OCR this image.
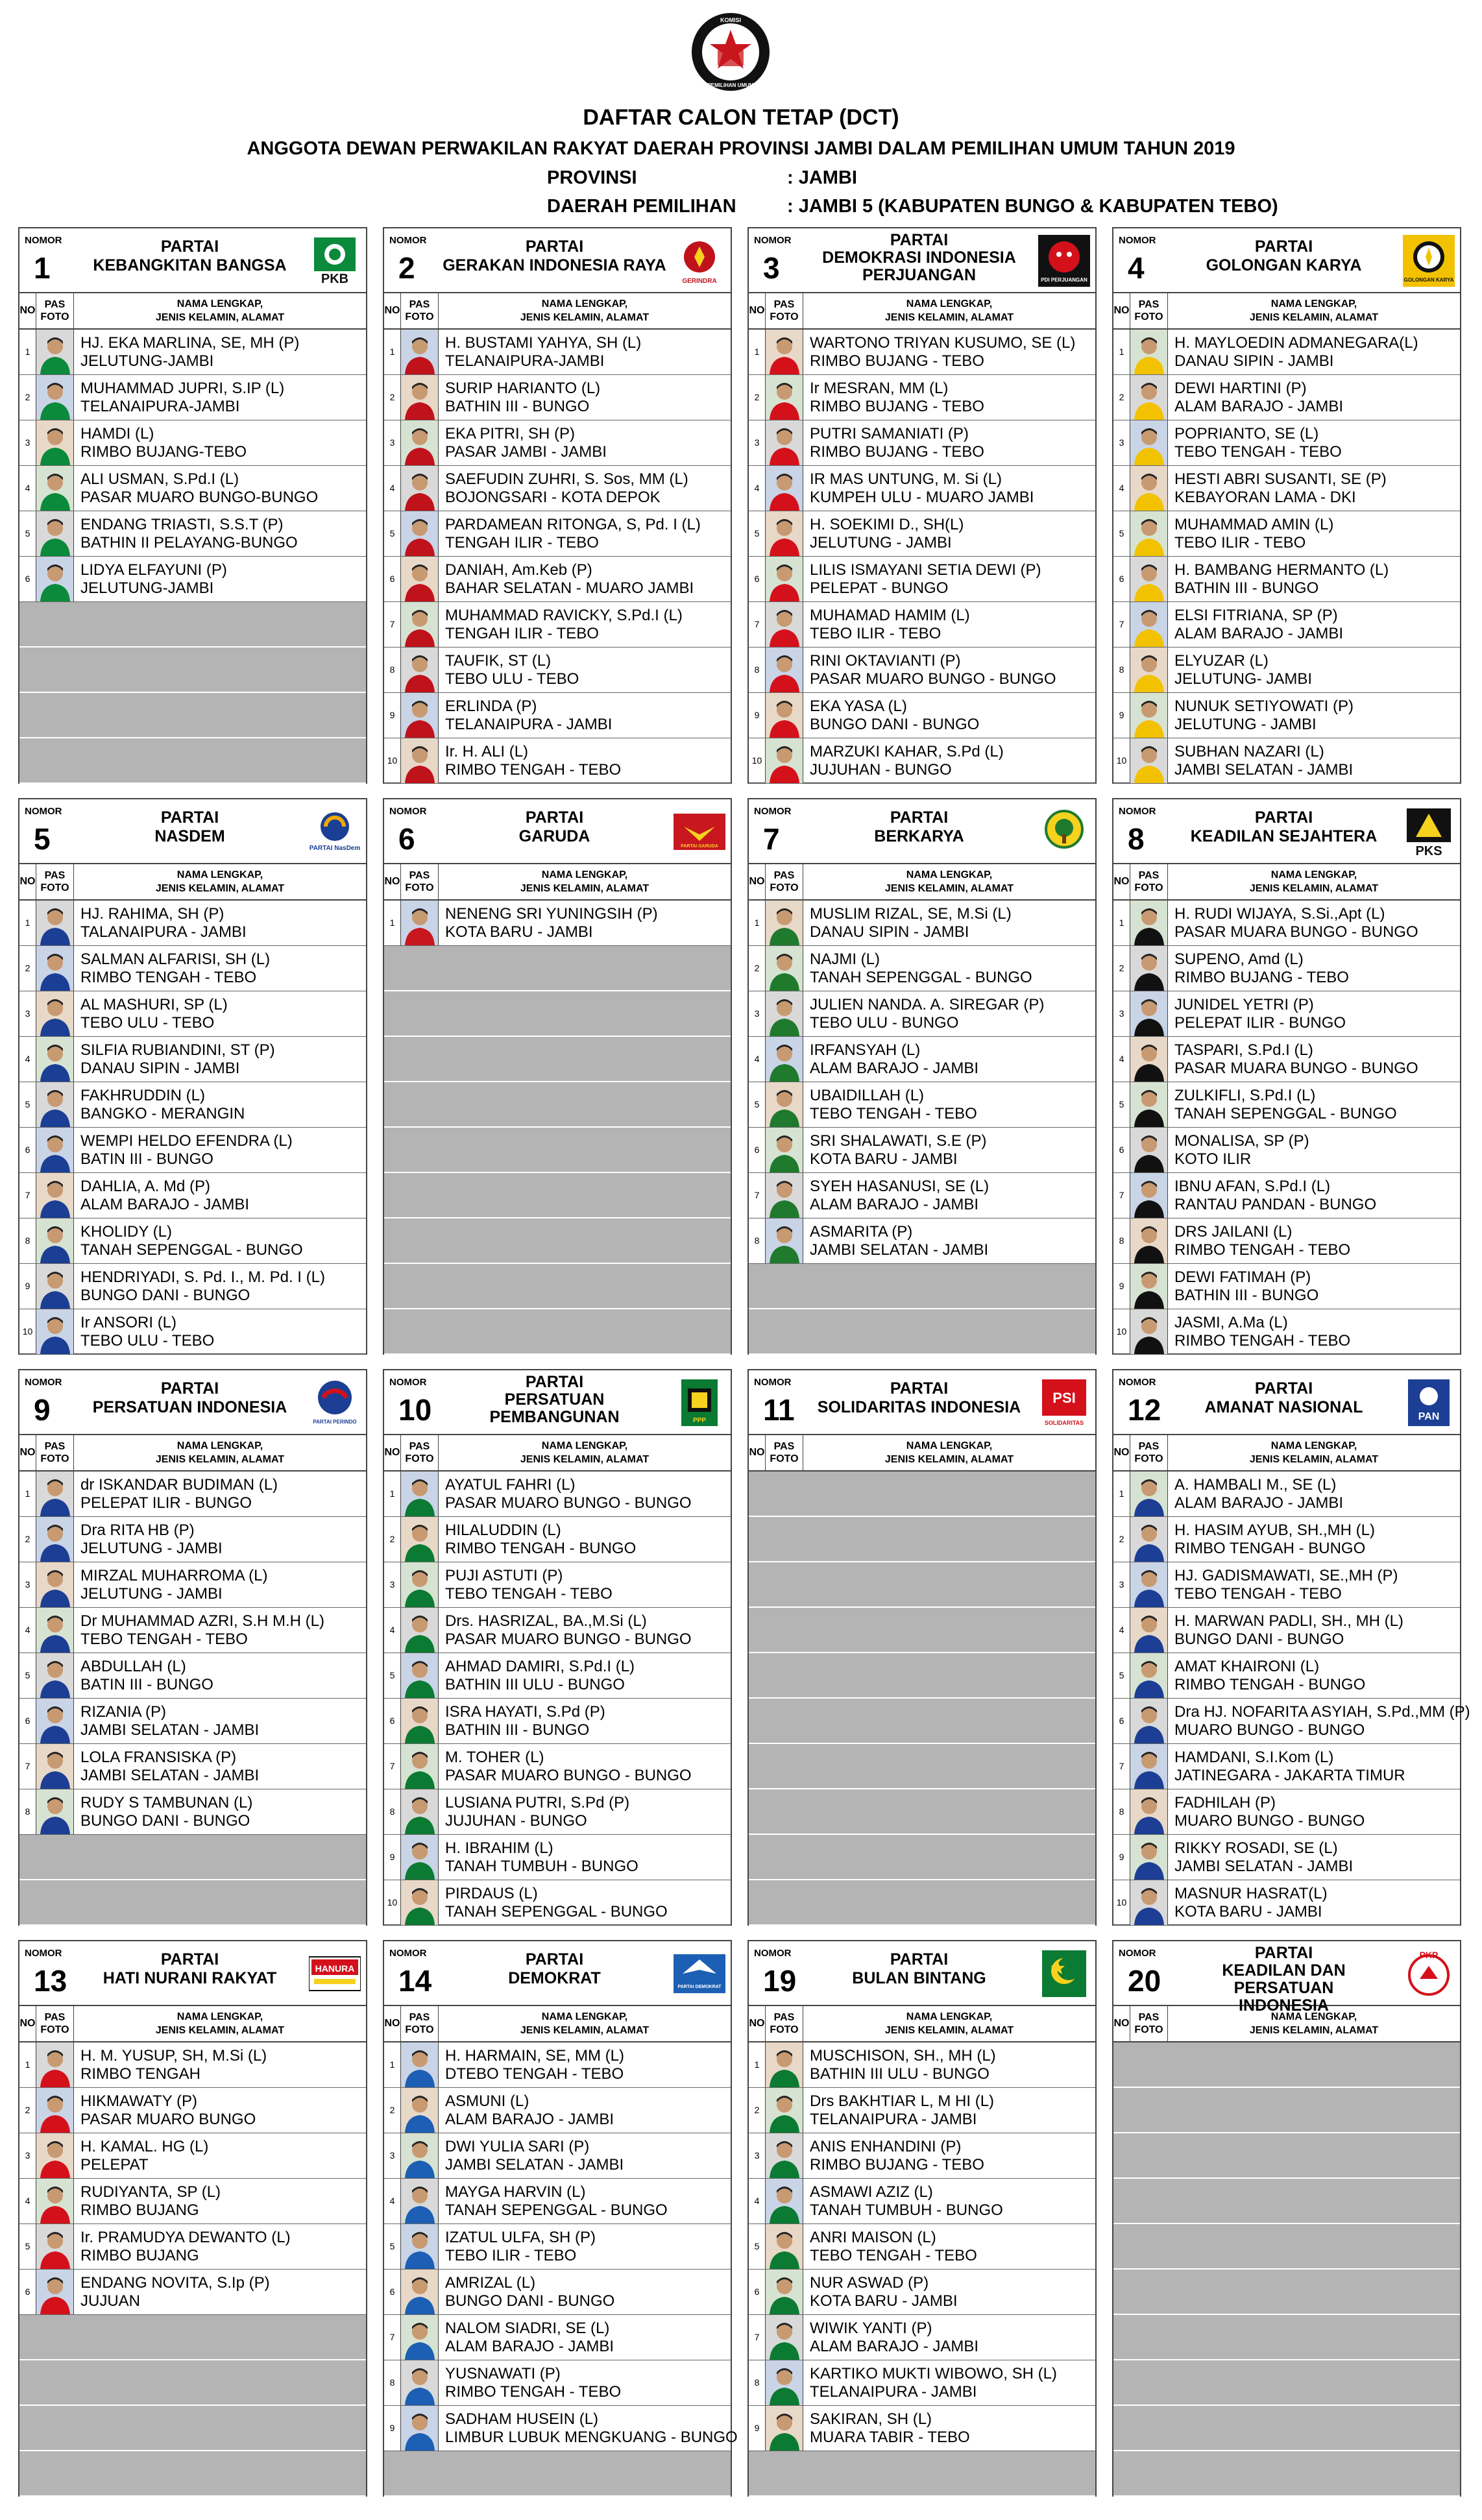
KOMISI
PEMILIHAN UMUM
DAFTAR CALON TETAP (DCT)
ANGGOTA DEWAN PERWAKILAN RAKYAT DAERAH PROVINSI JAMBI DALAM PEMILIHAN UMUM TAHUN 2019
PROVINSI	: JAMBI
DAERAH PEMILIHAN	: JAMBI 5 (KABUPATEN BUNGO & KABUPATEN TEBO)
NOMOR
1
PARTAI
KEBANGKITAN BANGSA
PKB
NO
PAS
FOTO
NAMA LENGKAP,
JENIS KELAMIN, ALAMAT
1	HJ. EKA MARLINA, SE, MH (P)
JELUTUNG-JAMBI
2	MUHAMMAD JUPRI, S.IP (L)
TELANAIPURA-JAMBI
3	HAMDI (L)
RIMBO BUJANG-TEBO
4	ALI USMAN, S.Pd.I (L)
PASAR MUARO BUNGO-BUNGO
5	ENDANG TRIASTI, S.S.T (P)
BATHIN II PELAYANG-BUNGO
6	LIDYA ELFAYUNI (P)
JELUTUNG-JAMBI
NOMOR
2
PARTAI
GERAKAN INDONESIA RAYA
GERINDRA
NO
PAS
FOTO
NAMA LENGKAP,
JENIS KELAMIN, ALAMAT
1	H. BUSTAMI YAHYA, SH (L)
TELANAIPURA-JAMBI
2	SURIP HARIANTO (L)
BATHIN III - BUNGO
3	EKA PITRI, SH (P)
PASAR JAMBI - JAMBI
4	SAEFUDIN ZUHRI, S. Sos, MM (L)
BOJONGSARI - KOTA DEPOK
5	PARDAMEAN RITONGA, S, Pd. I (L)
TENGAH ILIR - TEBO
6	DANIAH, Am.Keb (P)
BAHAR SELATAN - MUARO JAMBI
7	MUHAMMAD RAVICKY, S.Pd.I (L)
TENGAH ILIR - TEBO
8	TAUFIK, ST (L)
TEBO ULU - TEBO
9	ERLINDA (P)
TELANAIPURA - JAMBI
10	Ir. H. ALI (L)
RIMBO TENGAH - TEBO
NOMOR
3
PARTAI
DEMOKRASI INDONESIA
PERJUANGAN	PDI PERJUANGAN
NO
PAS
FOTO
NAMA LENGKAP,
JENIS KELAMIN, ALAMAT
1	WARTONO TRIYAN KUSUMO, SE (L)
RIMBO BUJANG - TEBO
2	Ir MESRAN, MM (L)
RIMBO BUJANG - TEBO
3	PUTRI SAMANIATI (P)
RIMBO BUJANG - TEBO
4	IR MAS UNTUNG, M. Si (L)
KUMPEH ULU - MUARO JAMBI
5	H. SOEKIMI D., SH(L)
JELUTUNG - JAMBI
6	LILIS ISMAYANI SETIA DEWI (P)
PELEPAT - BUNGO
7	MUHAMAD HAMIM (L)
TEBO ILIR - TEBO
8	RINI OKTAVIANTI (P)
PASAR MUARO BUNGO - BUNGO
9	EKA YASA (L)
BUNGO DANI - BUNGO
10	MARZUKI KAHAR, S.Pd (L)
JUJUHAN - BUNGO
NOMOR
4
PARTAI
GOLONGAN KARYA
GOLONGAN KARYA
NO
PAS
FOTO
NAMA LENGKAP,
JENIS KELAMIN, ALAMAT
1	H. MAYLOEDIN ADMANEGARA(L)
DANAU SIPIN - JAMBI
2	DEWI HARTINI (P)
ALAM BARAJO - JAMBI
3	POPRIANTO, SE (L)
TEBO TENGAH - TEBO
4	HESTI ABRI SUSANTI, SE (P)
KEBAYORAN LAMA - DKI
5	MUHAMMAD AMIN (L)
TEBO ILIR - TEBO
6	H. BAMBANG HERMANTO (L)
BATHIN III - BUNGO
7	ELSI FITRIANA, SP (P)
ALAM BARAJO - JAMBI
8	ELYUZAR (L)
JELUTUNG- JAMBI
9	NUNUK SETIYOWATI (P)
JELUTUNG - JAMBI
10	SUBHAN NAZARI (L)
JAMBI SELATAN - JAMBI
NOMOR
5
PARTAI
NASDEM
PARTAI NasDem
NO
PAS
FOTO
NAMA LENGKAP,
JENIS KELAMIN, ALAMAT
1	HJ. RAHIMA, SH (P)
TALANAIPURA - JAMBI
2	SALMAN ALFARISI, SH (L)
RIMBO TENGAH - TEBO
3	AL MASHURI, SP (L)
TEBO ULU - TEBO
4	SILFIA RUBIANDINI, ST (P)
DANAU SIPIN - JAMBI
5	FAKHRUDDIN (L)
BANGKO - MERANGIN
6	WEMPI HELDO EFENDRA (L)
BATIN III - BUNGO
7	DAHLIA, A. Md (P)
ALAM BARAJO - JAMBI
8	KHOLIDY (L)
TANAH SEPENGGAL - BUNGO
9	HENDRIYADI, S. Pd. I., M. Pd. I (L)
BUNGO DANI - BUNGO
10	Ir ANSORI (L)
TEBO ULU - TEBO
NOMOR
6
PARTAI
GARUDA
PARTAI GARUDA
NO
PAS
FOTO
NAMA LENGKAP,
JENIS KELAMIN, ALAMAT
1	NENENG SRI YUNINGSIH (P)
KOTA BARU - JAMBI
NOMOR
7
PARTAI
BERKARYA
NO
PAS
FOTO
NAMA LENGKAP,
JENIS KELAMIN, ALAMAT
1	MUSLIM RIZAL, SE, M.Si (L)
DANAU SIPIN - JAMBI
2	NAJMI (L)
TANAH SEPENGGAL - BUNGO
3	JULIEN NANDA. A. SIREGAR (P)
TEBO ULU - BUNGO
4	IRFANSYAH (L)
ALAM BARAJO - JAMBI
5	UBAIDILLAH (L)
TEBO TENGAH - TEBO
6	SRI SHALAWATI, S.E (P)
KOTA BARU - JAMBI
7	SYEH HASANUSI, SE (L)
ALAM BARAJO - JAMBI
8	ASMARITA (P)
JAMBI SELATAN - JAMBI
NOMOR
8
PARTAI
KEADILAN SEJAHTERA
PKS
NO
PAS
FOTO
NAMA LENGKAP,
JENIS KELAMIN, ALAMAT
1	H. RUDI WIJAYA, S.Si.,Apt (L)
PASAR MUARA BUNGO - BUNGO
2	SUPENO, Amd (L)
RIMBO BUJANG - TEBO
3	JUNIDEL YETRI (P)
PELEPAT ILIR - BUNGO
4	TASPARI, S.Pd.I (L)
PASAR MUARA BUNGO - BUNGO
5	ZULKIFLI, S.Pd.I (L)
TANAH SEPENGGAL - BUNGO
6	MONALISA, SP (P)
KOTO ILIR
7	IBNU AFAN, S.Pd.I (L)
RANTAU PANDAN - BUNGO
8	DRS JAILANI (L)
RIMBO TENGAH - TEBO
9	DEWI FATIMAH (P)
BATHIN III - BUNGO
10	JASMI, A.Ma (L)
RIMBO TENGAH - TEBO
NOMOR
9
PARTAI
PERSATUAN INDONESIA
PARTAI PERINDO
NO
PAS
FOTO
NAMA LENGKAP,
JENIS KELAMIN, ALAMAT
1	dr ISKANDAR BUDIMAN (L)
PELEPAT ILIR - BUNGO
2	Dra RITA HB (P)
JELUTUNG - JAMBI
3	MIRZAL MUHARROMA (L)
JELUTUNG - JAMBI
4	Dr MUHAMMAD AZRI, S.H M.H (L)
TEBO TENGAH - TEBO
5	ABDULLAH (L)
BATIN III - BUNGO
6	RIZANIA (P)
JAMBI SELATAN - JAMBI
7	LOLA FRANSISKA (P)
JAMBI SELATAN - JAMBI
8	RUDY S TAMBUNAN (L)
BUNGO DANI - BUNGO
NOMOR
10
PARTAI
PERSATUAN
PEMBANGUNAN	PPP
NO
PAS
FOTO
NAMA LENGKAP,
JENIS KELAMIN, ALAMAT
1	AYATUL FAHRI (L)
PASAR MUARO BUNGO - BUNGO
2	HILALUDDIN (L)
RIMBO TENGAH - BUNGO
3	PUJI ASTUTI (P)
TEBO TENGAH - TEBO
4	Drs. HASRIZAL, BA.,M.Si (L)
PASAR MUARO BUNGO - BUNGO
5	AHMAD DAMIRI, S.Pd.I (L)
BATHIN III ULU - BUNGO
6	ISRA HAYATI, S.Pd (P)
BATHIN III - BUNGO
7	M. TOHER (L)
PASAR MUARO BUNGO - BUNGO
8	LUSIANA PUTRI, S.Pd (P)
JUJUHAN - BUNGO
9	H. IBRAHIM (L)
TANAH TUMBUH - BUNGO
10	PIRDAUS (L)
TANAH SEPENGGAL - BUNGO
NOMOR
11
PARTAI
SOLIDARITAS INDONESIA
PSI
SOLIDARITAS
NO
PAS
FOTO
NAMA LENGKAP,
JENIS KELAMIN, ALAMAT
NOMOR
12
PARTAI
AMANAT NASIONAL
PAN
NO
PAS
FOTO
NAMA LENGKAP,
JENIS KELAMIN, ALAMAT
1	A. HAMBALI M., SE (L)
ALAM BARAJO - JAMBI
2	H. HASIM AYUB, SH.,MH (L)
RIMBO TENGAH - BUNGO
3	HJ. GADISMAWATI, SE.,MH (P)
TEBO TENGAH - TEBO
4	H. MARWAN PADLI, SH., MH (L)
BUNGO DANI - BUNGO
5	AMAT KHAIRONI (L)
RIMBO TENGAH - BUNGO
6	Dra HJ. NOFARITA ASYIAH, S.Pd.,MM (P)
MUARO BUNGO - BUNGO
7	HAMDANI, S.I.Kom (L)
JATINEGARA - JAKARTA TIMUR
8	FADHILAH (P)
MUARO BUNGO - BUNGO
9	RIKKY ROSADI, SE (L)
JAMBI SELATAN - JAMBI
10	MASNUR HASRAT(L)
KOTA BARU - JAMBI
NOMOR
13
PARTAI
HATI NURANI RAKYAT
HANURA
NO
PAS
FOTO
NAMA LENGKAP,
JENIS KELAMIN, ALAMAT
1	H. M. YUSUP, SH, M.Si (L)
RIMBO TENGAH
2	HIKMAWATY (P)
PASAR MUARO BUNGO
3	H. KAMAL. HG (L)
PELEPAT
4	RUDIYANTA, SP (L)
RIMBO BUJANG
5	Ir. PRAMUDYA DEWANTO (L)
RIMBO BUJANG
6	ENDANG NOVITA, S.Ip (P)
JUJUAN
NOMOR
14
PARTAI
DEMOKRAT	PARTAI DEMOKRAT
NO
PAS
FOTO
NAMA LENGKAP,
JENIS KELAMIN, ALAMAT
1	H. HARMAIN, SE, MM (L)
DTEBO TENGAH - TEBO
2	ASMUNI (L)
ALAM BARAJO - JAMBI
3	DWI YULIA SARI (P)
JAMBI SELATAN - JAMBI
4	MAYGA HARVIN (L)
TANAH SEPENGGAL - BUNGO
5	IZATUL ULFA, SH (P)
TEBO ILIR - TEBO
6	AMRIZAL (L)
BUNGO DANI - BUNGO
7	NALOM SIADRI, SE (L)
ALAM BARAJO - JAMBI
8	YUSNAWATI (P)
RIMBO TENGAH - TEBO
9	SADHAM HUSEIN (L)
LIMBUR LUBUK MENGKUANG - BUNGO
NOMOR
19
PARTAI
BULAN BINTANG
NO
PAS
FOTO
NAMA LENGKAP,
JENIS KELAMIN, ALAMAT
1	MUSCHISON, SH., MH (L)
BATHIN III ULU - BUNGO
2	Drs BAKHTIAR L, M HI (L)
TELANAIPURA - JAMBI
3	ANIS ENHANDINI (P)
RIMBO BUJANG - TEBO
4	ASMAWI AZIZ (L)
TANAH TUMBUH - BUNGO
5	ANRI MAISON (L)
TEBO TENGAH - TEBO
6	NUR ASWAD (P)
KOTA BARU - JAMBI
7	WIWIK YANTI (P)
ALAM BARAJO - JAMBI
8	KARTIKO MUKTI WIBOWO, SH (L)
TELANAIPURA - JAMBI
9	SAKIRAN, SH (L)
MUARA TABIR - TEBO
NOMOR
20
PARTAI
KEADILAN DAN PERSATUAN
INDONESIA
PKP
NO
PAS
FOTO
NAMA LENGKAP,
JENIS KELAMIN, ALAMAT
